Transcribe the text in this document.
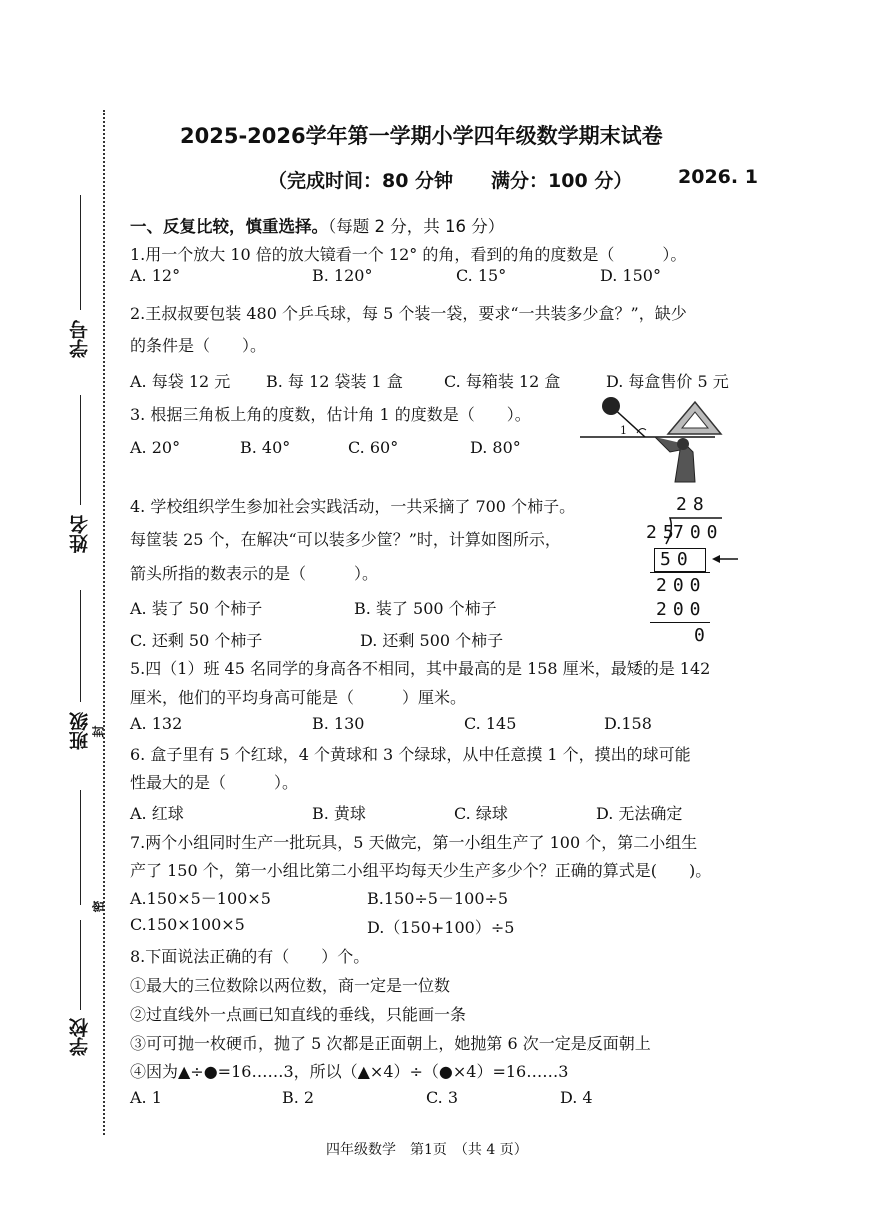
学号
姓名
班级 封
密
学校
2025-2026学年第一学期小学四年级数学期末试卷
（完成时间：80 分钟　　满分：100 分） 2026. 1
一、反复比较，慎重选择。（每题 2 分，共 16 分）
1.用一个放大 10 倍的放大镜看一个 12° 的角，看到的角的度数是（　　　）。
A. 12°	B. 120°	C. 15°	D. 150°
2.王叔叔要包装 480 个乒乓球，每 5 个装一袋，要求“一共装多少盒？”，缺少
的条件是（　　）。
A. 每袋 12 元 B. 每 12 袋装 1 盒	C. 每箱装 12 盒	D. 每盒售价 5 元
3. 根据三角板上角的度数，估计角 1 的度数是（　　）。
A. 20°	B. 40°	C. 60°	D. 80°
1
4. 学校组织学生参加社会实践活动，一共采摘了 700 个柿子。
每筐装 25 个，在解决“可以装多少筐？”时，计算如图所示，
箭头所指的数表示的是（　　　）。
A. 装了 50 个柿子	B. 装了 500 个柿子
C. 还剩 50 个柿子	D. 还剩 500 个柿子
28
25
700
50
200
200
0
5.四（1）班 45 名同学的身高各不相同，其中最高的是 158 厘米，最矮的是 142
厘米，他们的平均身高可能是（　　　）厘米。
A. 132	B. 130	C. 145	D.158
6. 盒子里有 5 个红球，4 个黄球和 3 个绿球，从中任意摸 1 个，摸出的球可能
性最大的是（　　　）。
A. 红球	B. 黄球	C. 绿球	D. 无法确定
7.两个小组同时生产一批玩具，5 天做完，第一小组生产了 100 个，第二小组生
产了 150 个，第一小组比第二小组平均每天少生产多少个？正确的算式是(　　)。
A.150×5－100×5	B.150÷5－100÷5
C.150×100×5	D.（150+100）÷5
8.下面说法正确的有（　　）个。
①最大的三位数除以两位数，商一定是一位数
②过直线外一点画已知直线的垂线，只能画一条
③可可抛一枚硬币，抛了 5 次都是正面朝上，她抛第 6 次一定是反面朝上
④因为▲÷●=16……3，所以（▲×4）÷（●×4）=16……3
A. 1	B. 2	C. 3	D. 4
四年级数学　第1页　（共 4 页）
